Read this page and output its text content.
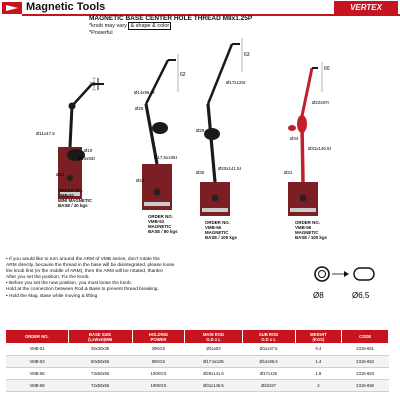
Magnetic Tools	VERTEX
MAGNETIC BASE CENTER HOLE THREAD M8x1.25P
*knob may vary & shape & color
*Powerful
20
Ø11x47.5
Ø19
Ø15x93ℓ
Ø21
62
Ø14x96.5ℓ
Ø25
Ø17.5x105ℓ
Ø21
63
Ø17x125ℓ
Ø29
Ø20x141.5ℓ
Ø30
60
Ø22x97ℓ
Ø34
Ø31x146.5ℓ
Ø31
ORDER NO.
VMB-51
MINI MAGNETIC
BASE / 30 kgs
ORDER NO.
VMB-53
MAGNETIC
BASE / 80 kgs
ORDER NO.
VMB-56
MAGNETIC
BASE / 100 kgs
ORDER NO.
VMB-58
MAGNETIC
BASE / 100 kgs

• If you would like to turn around the ARM of VMB series, don't rotate the

ARM directly, because the thread in the base will be disintegrated, please loose

the knob first (in the middle of ARM), then the ARM will be rotated, thanks!

After you set the position, Fix the Knob.

• Before you set the new position, you must loose the knob.

Hold at the connection between Rod & Base to prevent thread breaking.

• Hold the Mag. Base while moving & lifting	Ø8	Ø6.5
ORDER NO.	BASE SIZE
(LxWxH)MM	HOLDING
POWER	MAIN ROD
O.D x L	SUB ROD
O.D x L	WEIGHT
(KGS)	CODE
VMB-51	35x30x35	30KGS	Ø11x53	Ø11x47.5	0.4	2315-651
VMB-53	50x50x55	80KGS	Ø17.5x105	Ø14x96.5	1.4	2315-652
VMB-56	73x50x55	100KGS	Ø20x141.5	Ø17x125	1.8	2315-653
VMB-58	72x50x55	100KGS	Ø31x146.5	Ø22x97	2	2315-655
